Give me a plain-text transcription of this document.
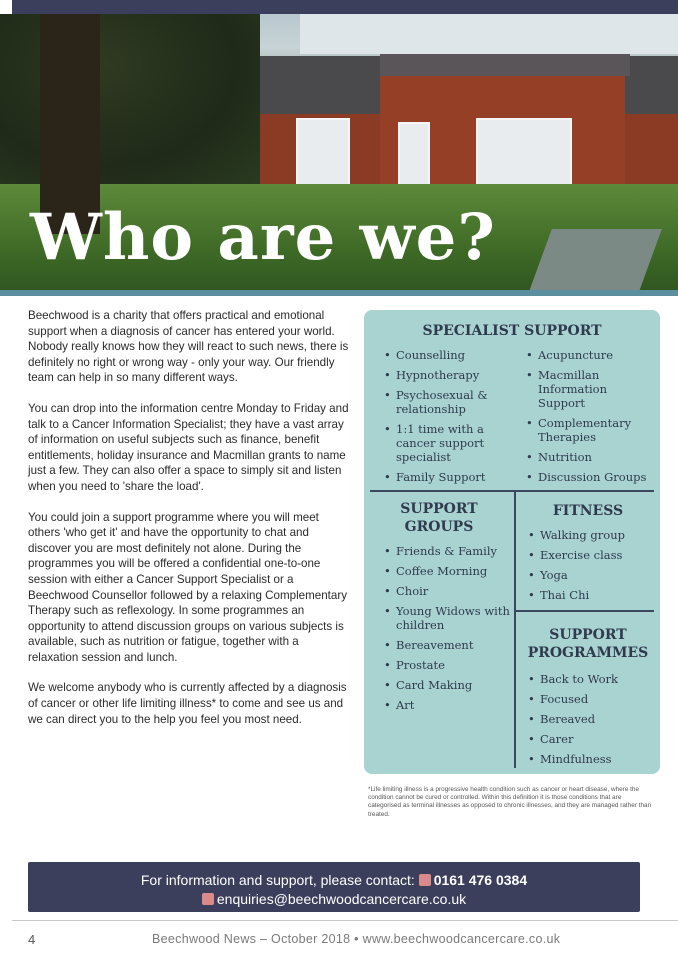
Who are we?

Beechwood is a charity that offers practical and emotional support when a diagnosis of cancer has entered your world. Nobody really knows how they will react to such news, there is definitely no right or wrong way - only your way. Our friendly team can help in so many different ways.

You can drop into the information centre Monday to Friday and talk to a Cancer Information Specialist; they have a vast array of information on useful subjects such as finance, benefit entitlements, holiday insurance and Macmillan grants to name just a few. They can also offer a space to simply sit and listen when you need to 'share the load'.

You could join a support programme where you will meet others 'who get it' and have the opportunity to chat and discover you are most definitely not alone. During the programmes you will be offered a confidential one-to-one session with either a Cancer Support Specialist or a Beechwood Counsellor followed by a relaxing Complementary Therapy such as reflexology. In some programmes an opportunity to attend discussion groups on various subjects is available, such as nutrition or fatigue, together with a relaxation session and lunch.

We welcome anybody who is currently affected by a diagnosis of cancer or other life limiting illness* to come and see us and we can direct you to the help you feel you most need.

SPECIALIST SUPPORT
• Counselling
• Hypnotherapy
• Psychosexual & relationship
• 1:1 time with a cancer support specialist
• Family Support
• Acupuncture
• Macmillan Information Support
• Complementary Therapies
• Nutrition
• Discussion Groups
SUPPORT GROUPS
• Friends & Family
• Coffee Morning
• Choir
• Young Widows with children
• Bereavement
• Prostate
• Card Making
• Art
FITNESS
• Walking group
• Exercise class
• Yoga
• Thai Chi
SUPPORT PROGRAMMES
• Back to Work
• Focused
• Bereaved
• Carer
• Mindfulness
*Life limiting illness is a progressive health condition such as cancer or heart disease, where the condition cannot be cured or controlled. Within this definition it is those conditions that are categorised as terminal illnesses as opposed to chronic illnesses, and they are managed rather than treated.
For information and support, please contact: 0161 476 0384
enquiries@beechwoodcancercare.co.uk
4	Beechwood News – October 2018 • www.beechwoodcancercare.co.uk
